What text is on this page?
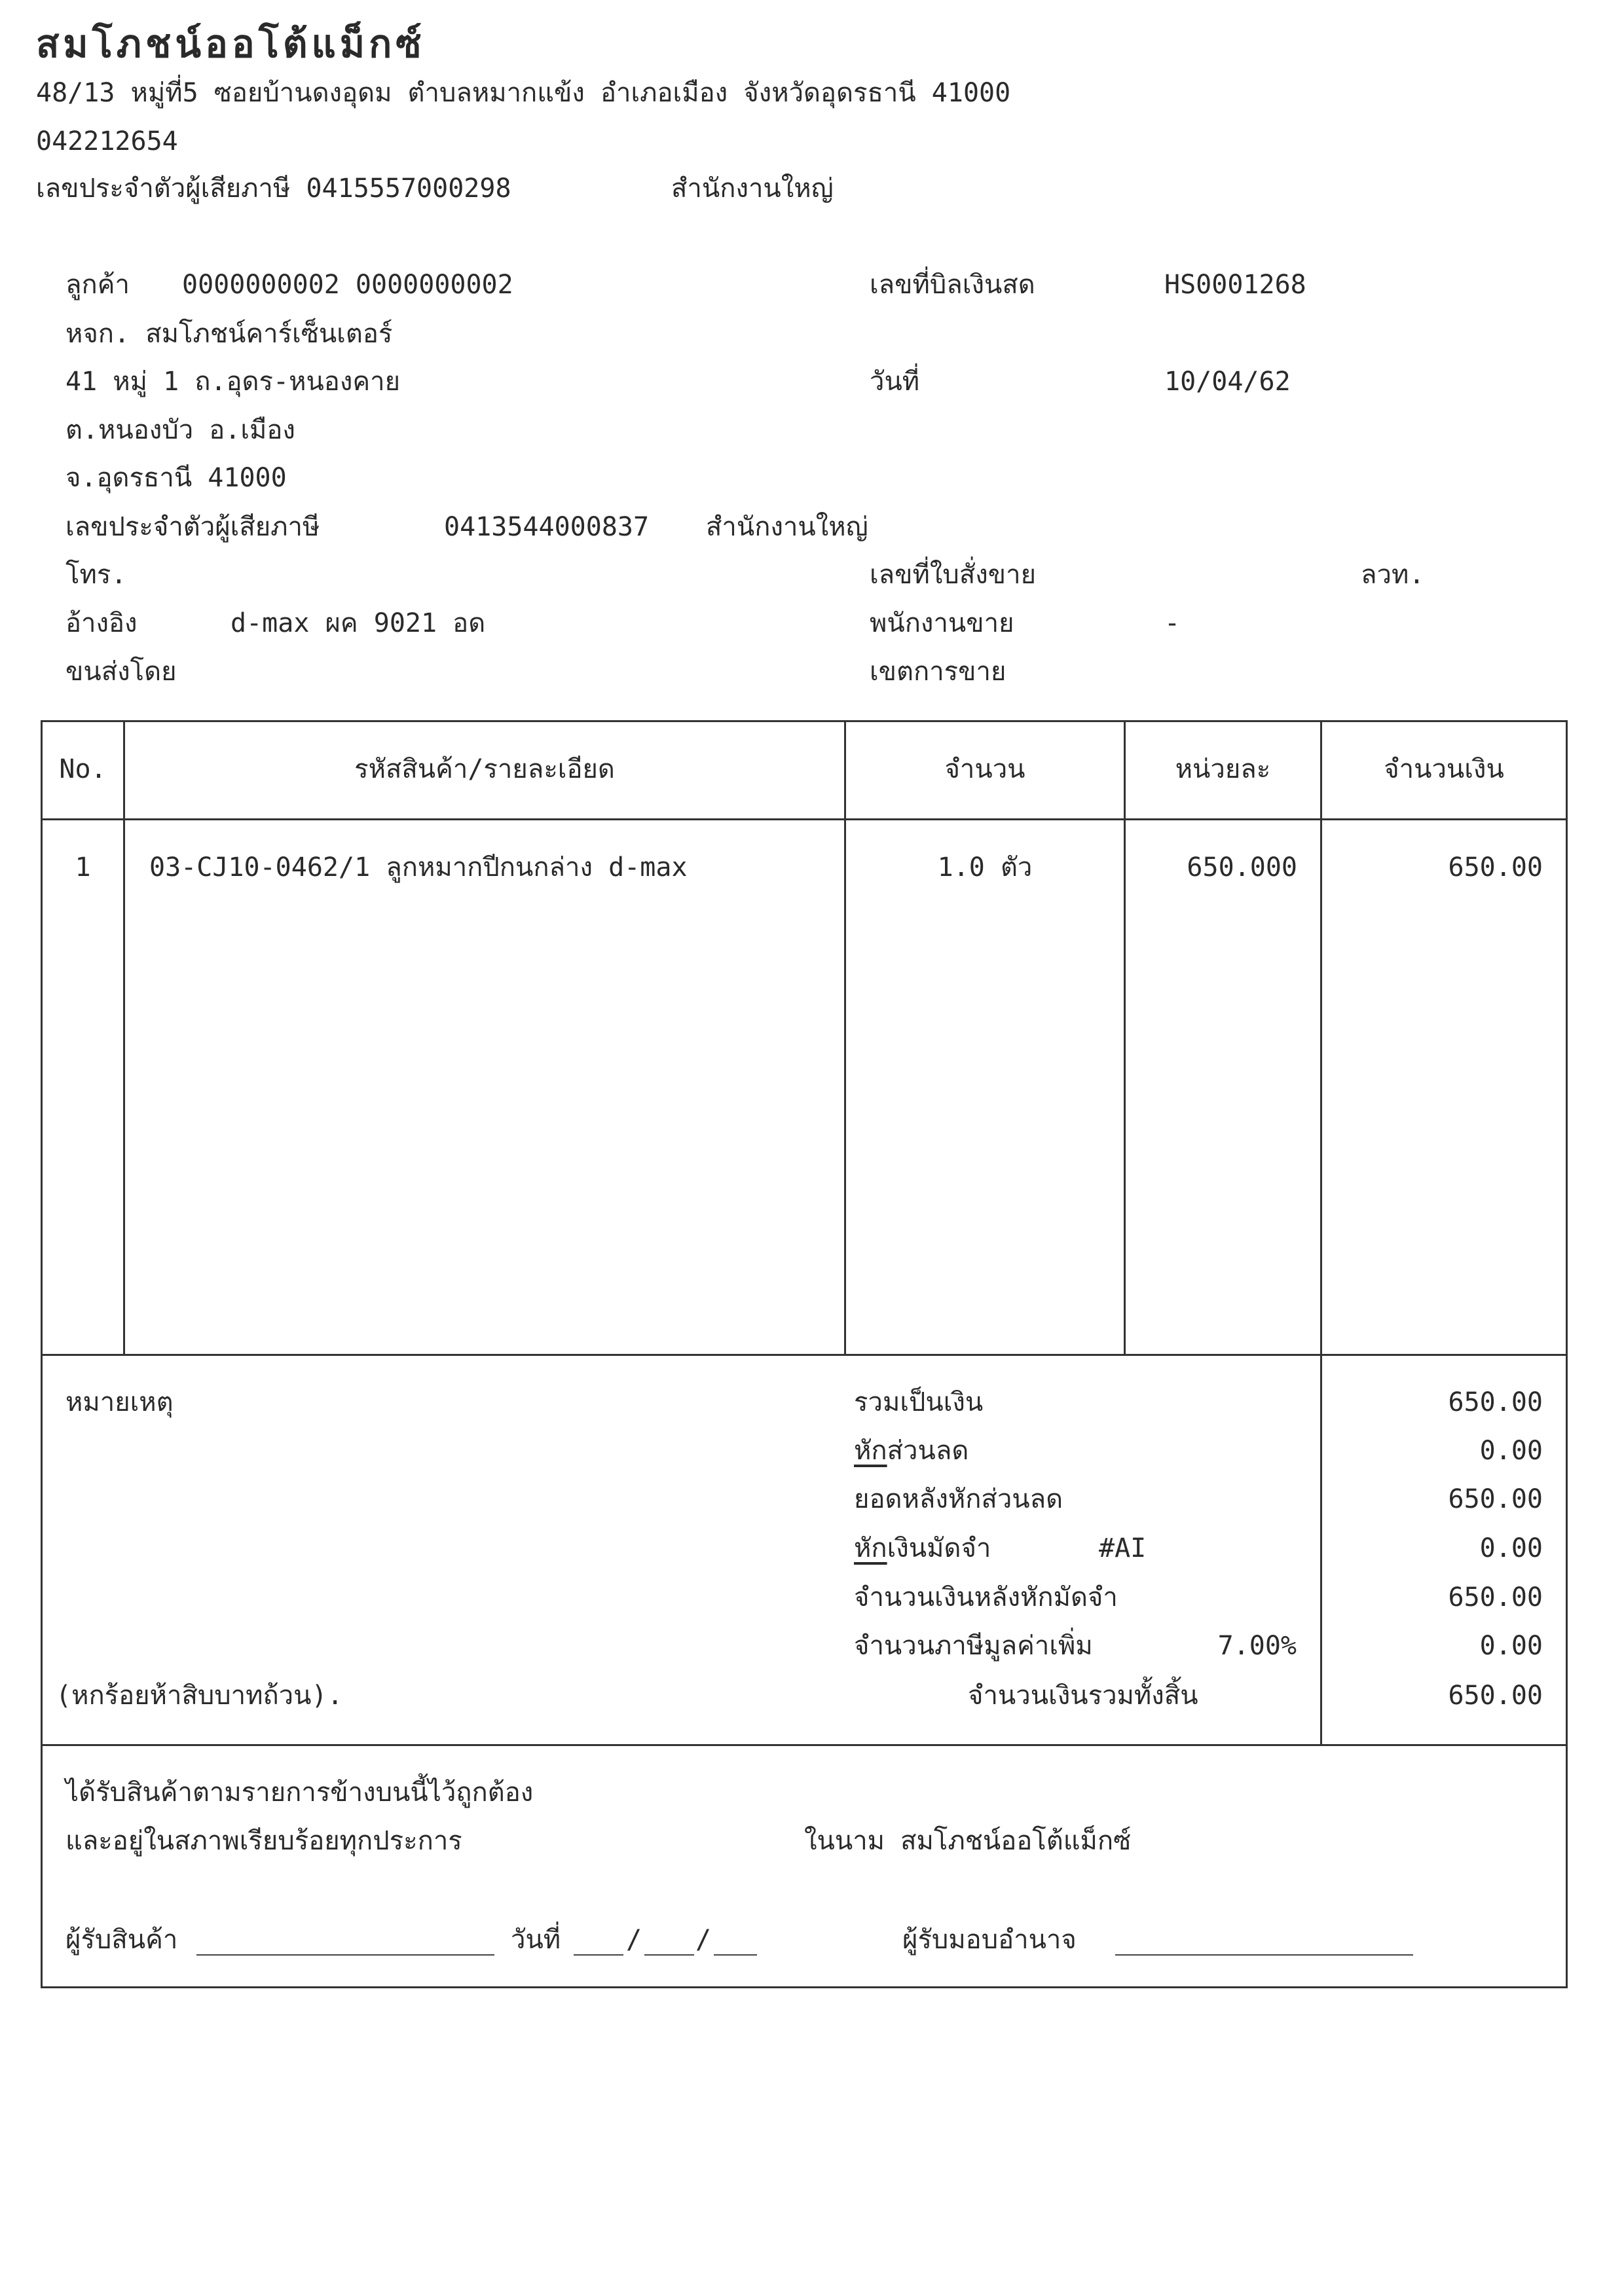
สมโภชน์ออโต้แม็กซ์
48/13 หมู่ที่5 ซอยบ้านดงอุดม ตำบลหมากแข้ง อำเภอเมือง จังหวัดอุดรธานี 41000
042212654
เลขประจำตัวผู้เสียภาษี 0415557000298	สำนักงานใหญ่
ลูกค้า 0000000002 0000000002
หจก. สมโภชน์คาร์เซ็นเตอร์
41 หมู่ 1 ถ.อุดร-หนองคาย
ต.หนองบัว อ.เมือง
จ.อุดรธานี 41000
เลขประจำตัวผู้เสียภาษี	0413544000837 สำนักงานใหญ่
โทร.
อ้างอิง	d-max ผค 9021 อด
ขนส่งโดย
เลขที่บิลเงินสด	HS0001268
วันที่	10/04/62
เลขที่ใบสั่งขาย	ลวท.
พนักงานขาย	-
เขตการขาย
No.	รหัสสินค้า/รายละเอียด	จำนวน	หน่วยละ	จำนวนเงิน
1	03-CJ10-0462/1 ลูกหมากปีกนกล่าง d-max	1.0 ตัว	650.000	650.00
หมายเหตุ
(หกร้อยห้าสิบบาทถ้วน).
รวมเป็นเงิน	650.00
หักส่วนลด	0.00
ยอดหลังหักส่วนลด	650.00
หักเงินมัดจำ	#AI	0.00
จำนวนเงินหลังหักมัดจำ	650.00
จำนวนภาษีมูลค่าเพิ่ม	7.00%	0.00
จำนวนเงินรวมทั้งสิ้น	650.00
ได้รับสินค้าตามรายการข้างบนนี้ไว้ถูกต้อง
และอยู่ในสภาพเรียบร้อยทุกประการ	ในนาม สมโภชน์ออโต้แม็กซ์
ผู้รับสินค้า	วันที่ / /	ผู้รับมอบอำนาจ
